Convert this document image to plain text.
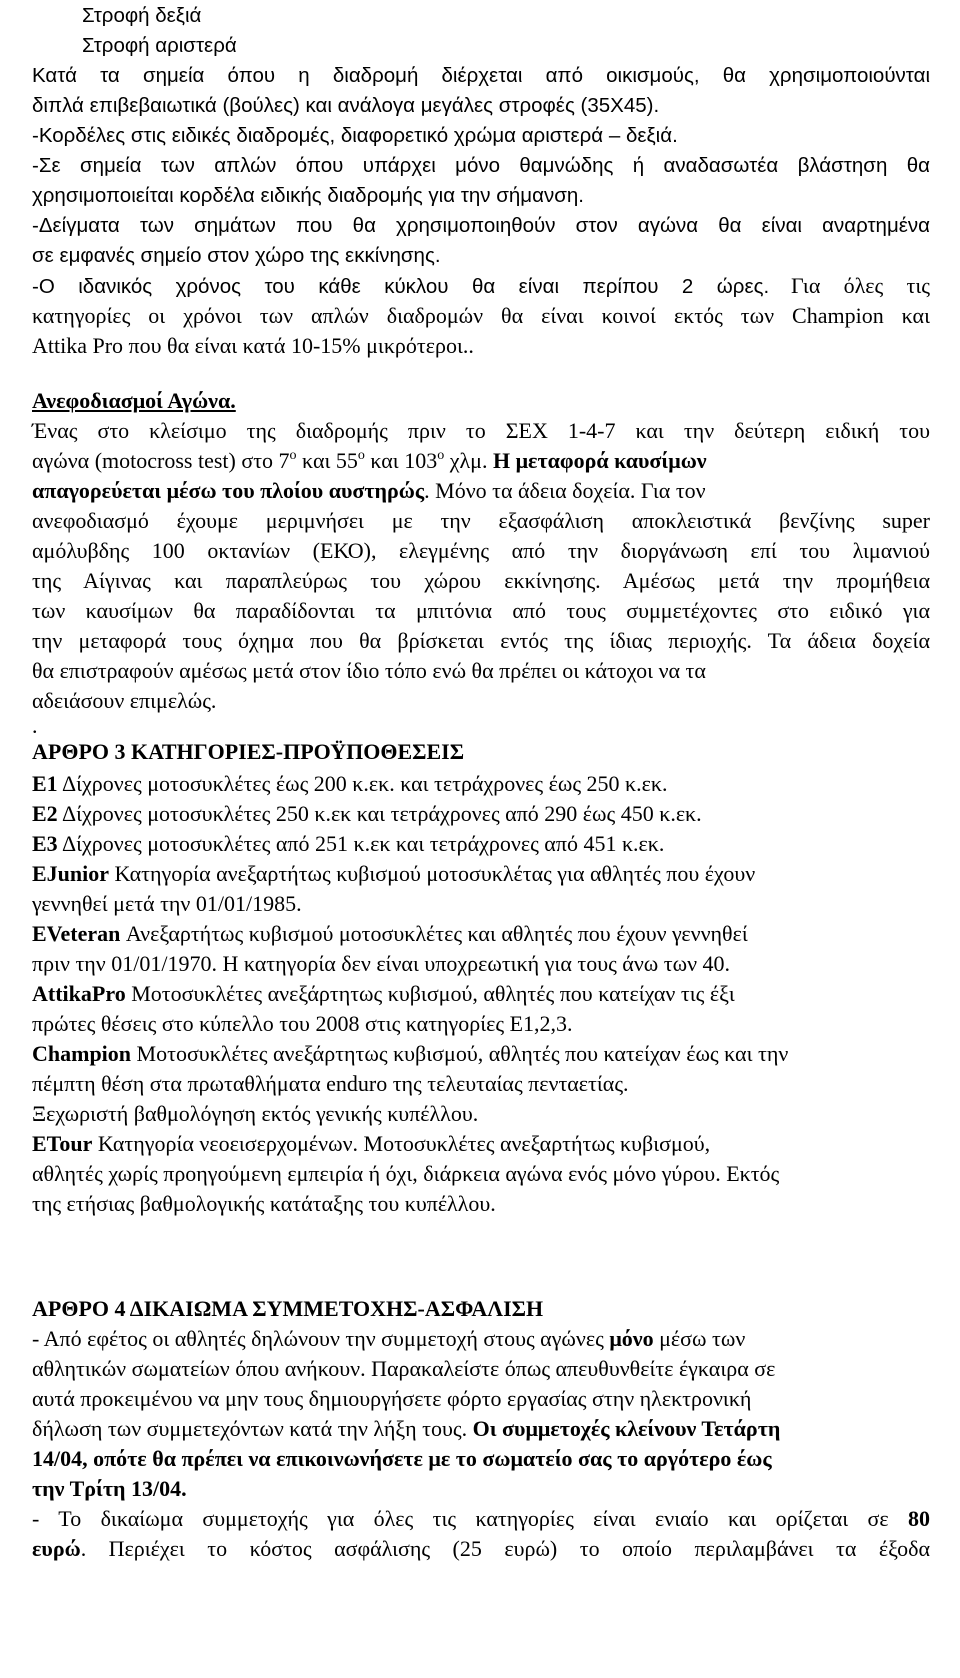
Στροφή δεξιά
Στροφή αριστερά
Κατά τα σημεία όπου η διαδρομή διέρχεται από οικισμούς, θα χρησιμοποιούνται
διπλά επιβεβαιωτικά (βούλες) και ανάλογα μεγάλες στροφές (35Χ45).
-Κορδέλες στις ειδικές διαδρομές, διαφορετικό χρώμα αριστερά – δεξιά.
-Σε σημεία των απλών όπου υπάρχει μόνο θαμνώδης ή αναδασωτέα βλάστηση θα
χρησιμοποιείται κορδέλα ειδικής διαδρομής για την σήμανση.
-Δείγματα των σημάτων που θα χρησιμοποιηθούν στον αγώνα θα είναι αναρτημένα
σε εμφανές σημείο στον χώρο της εκκίνησης.
-Ο ιδανικός χρόνος του κάθε κύκλου θα είναι περίπου 2 ώρες. Για όλες τις
κατηγορίες οι χρόνοι των απλών διαδρομών θα είναι κοινοί εκτός των Champion και
Attika Pro που θα είναι κατά 10-15% μικρότεροι..
Ανεφοδιασμοί Αγώνα.
Ένας στο κλείσιμο της διαδρομής πριν το ΣΕΧ 1-4-7 και την δεύτερη ειδική του
αγώνα (motocross test) στο $7^o$ και $55^o$ και $103^o$ χλμ. Η μεταφορά καυσίμων
απαγορεύεται μέσω του πλοίου αυστηρώς. Μόνο τα άδεια δοχεία. Για τον
ανεφοδιασμό έχουμε μεριμνήσει με την εξασφάλιση αποκλειστικά βενζίνης super
αμόλυβδης 100 οκτανίων (ΕΚΟ), ελεγμένης από την διοργάνωση επί του λιμανιού
της Αίγινας και παραπλεύρως του χώρου εκκίνησης. Αμέσως μετά την προμήθεια
των καυσίμων θα παραδίδονται τα μπιτόνια από τους συμμετέχοντες στο ειδικό για
την μεταφορά τους όχημα που θα βρίσκεται εντός της ίδιας περιοχής. Τα άδεια δοχεία
θα επιστραφούν αμέσως μετά στον ίδιο τόπο ενώ θα πρέπει οι κάτοχοι να τα
αδειάσουν επιμελώς.
.
ΑΡΘΡΟ 3 ΚΑΤΗΓΟΡΙΕΣ-ΠΡΟΫΠΟΘΕΣΕΙΣ
Ε1 Δίχρονες μοτοσυκλέτες έως 200 κ.εκ. και τετράχρονες έως 250 κ.εκ.
Ε2 Δίχρονες μοτοσυκλέτες 250 κ.εκ και τετράχρονες από 290 έως 450 κ.εκ.
Ε3 Δίχρονες μοτοσυκλέτες από 251 κ.εκ και τετράχρονες από 451 κ.εκ.
EJunior Κατηγορία ανεξαρτήτως κυβισμού μοτοσυκλέτας για αθλητές που έχουν
γεννηθεί μετά την 01/01/1985.
EVeteran Ανεξαρτήτως κυβισμού μοτοσυκλέτες και αθλητές που έχουν γεννηθεί
πριν την 01/01/1970. Η κατηγορία δεν είναι υποχρεωτική για τους άνω των 40.
AttikaPro Μοτοσυκλέτες ανεξάρτητως κυβισμού, αθλητές που κατείχαν τις έξι
πρώτες θέσεις στο κύπελλο του 2008 στις κατηγορίες Ε1,2,3.
Champion Μοτοσυκλέτες ανεξάρτητως κυβισμού, αθλητές που κατείχαν έως και την
πέμπτη θέση στα πρωταθλήματα enduro της τελευταίας πενταετίας.
Ξεχωριστή βαθμολόγηση εκτός γενικής κυπέλλου.
ETour Κατηγορία νεοεισερχομένων. Μοτοσυκλέτες ανεξαρτήτως κυβισμού,
αθλητές χωρίς προηγούμενη εμπειρία ή όχι, διάρκεια αγώνα ενός μόνο γύρου. Εκτός
της ετήσιας βαθμολογικής κατάταξης του κυπέλλου.
ΑΡΘΡΟ 4 ΔΙΚΑΙΩΜΑ ΣΥΜΜΕΤΟΧΗΣ-ΑΣΦΑΛΙΣΗ
- Από εφέτος οι αθλητές δηλώνουν την συμμετοχή στους αγώνες μόνο μέσω των
αθλητικών σωματείων όπου ανήκουν. Παρακαλείστε όπως απευθυνθείτε έγκαιρα σε
αυτά προκειμένου να μην τους δημιουργήσετε φόρτο εργασίας στην ηλεκτρονική
δήλωση των συμμετεχόντων κατά την λήξη τους. Οι συμμετοχές κλείνουν Τετάρτη
14/04, οπότε θα πρέπει να επικοινωνήσετε με το σωματείο σας το αργότερο έως
την Τρίτη 13/04.
- Το δικαίωμα συμμετοχής για όλες τις κατηγορίες είναι ενιαίο και ορίζεται σε 80
ευρώ. Περιέχει το κόστος ασφάλισης (25 ευρώ) το οποίο περιλαμβάνει τα έξοδα
